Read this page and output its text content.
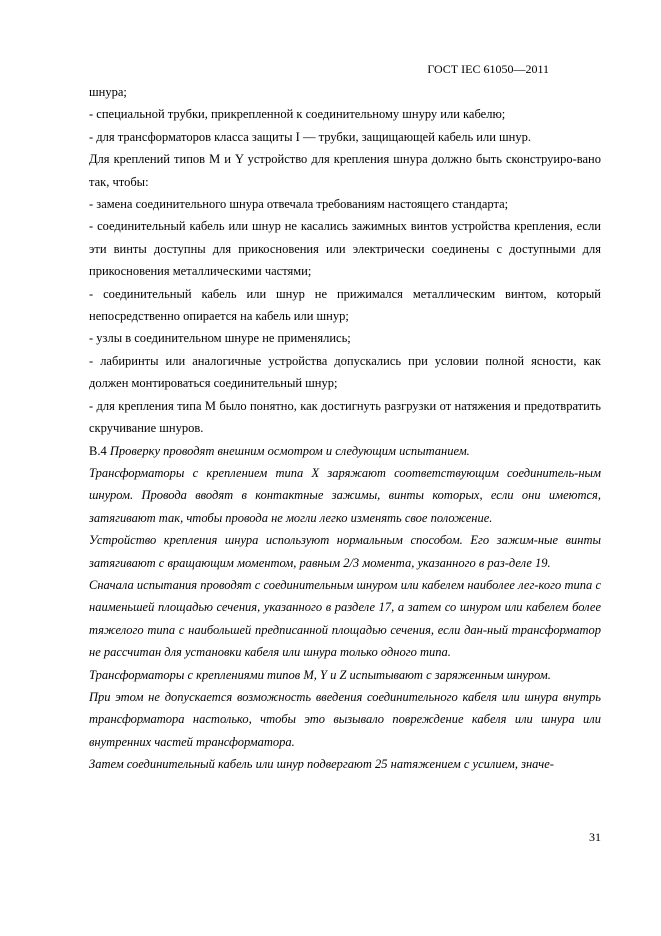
ГОСТ IEC 61050—2011

шнура;

- специальной трубки, прикрепленной к соединительному шнуру или кабелю;

- для трансформаторов класса защиты I — трубки, защищающей кабель или шнур.

Для креплений типов М и Y устройство для крепления шнура должно быть сконструиро-вано так, чтобы:

- замена соединительного шнура отвечала требованиям настоящего стандарта;

- соединительный кабель или шнур не касались зажимных винтов устройства крепления, если эти винты доступны для прикосновения или электрически соединены с доступными для прикосновения металлическими частями;

- соединительный кабель или шнур не прижимался металлическим винтом, который непосредственно опирается на кабель или шнур;

- узлы в соединительном шнуре не применялись;

- лабиринты или аналогичные устройства допускались при условии полной ясности, как должен монтироваться соединительный шнур;

- для крепления типа М было понятно, как достигнуть разгрузки от натяжения и предотвратить скручивание шнуров.

В.4 Проверку проводят внешним осмотром и следующим испытанием.

Трансформаторы с креплением типа X заряжают соответствующим соединитель-ным шнуром. Провода вводят в контактные зажимы, винты которых, если они имеются, затягивают так, чтобы провода не могли легко изменять свое положение.

Устройство крепления шнура используют нормальным способом. Его зажим-ные винты затягивают с вращающим моментом, равным 2/3 момента, указанного в раз-деле 19.

Сначала испытания проводят с соединительным шнуром или кабелем наиболее лег-кого типа с наименьшей площадью сечения, указанного в разделе 17, а затем со шнуром или кабелем более тяжелого типа с наибольшей предписанной площадью сечения, если дан-ный трансформатор не рассчитан для установки кабеля или шнура только одного типа.

Трансформаторы с креплениями типов М, Y и Z испытывают с заряженным шнуром.

При этом не допускается возможность введения соединительного кабеля или шнура внутрь трансформатора настолько, чтобы это вызывало повреждение кабеля или шнура или внутренних частей трансформатора.

Затем соединительный кабель или шнур подвергают 25 натяжением с усилием, значе-

31
